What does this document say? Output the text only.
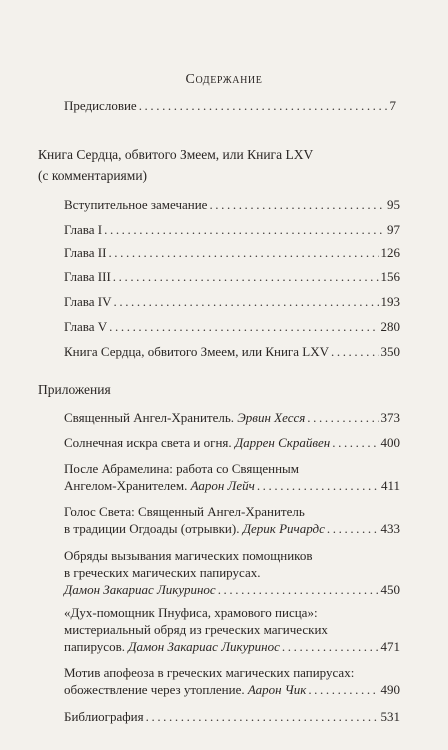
Содержание
Предисловие .....	7
Книга Сердца, обвитого Змеем, или Книга LXV
(с комментариями)
Вступительное замечание .....	95
Глава I .....	97
Глава II .....	126
Глава III .....	156
Глава IV .....	193
Глава V .....	280
Книга Сердца, обвитого Змеем, или Книга LXV .....	350
Приложения
Священный Ангел-Хранитель. Эрвин Хесся .....	373
Солнечная искра света и огня. Даррен Скрайвен .....	400
После Абрамелина: работа со Священным
Ангелом-Хранителем. Аарон Лейч .....	411
Голос Света: Священный Ангел-Хранитель
в традиции Огдоады (отрывки). Дерик Ричардс .....	433
Обряды вызывания магических помощников
в греческих магических папирусах.
Дамон Закариас Ликуринос .....	450
«Дух-помощник Пнуфиса, храмового писца»:
мистериальный обряд из греческих магических
папирусов. Дамон Закариас Ликуринос .....	471
Мотив апофеоза в греческих магических папирусах:
обожествление через утопление. Аарон Чик .....	490
Библиография .....	531
